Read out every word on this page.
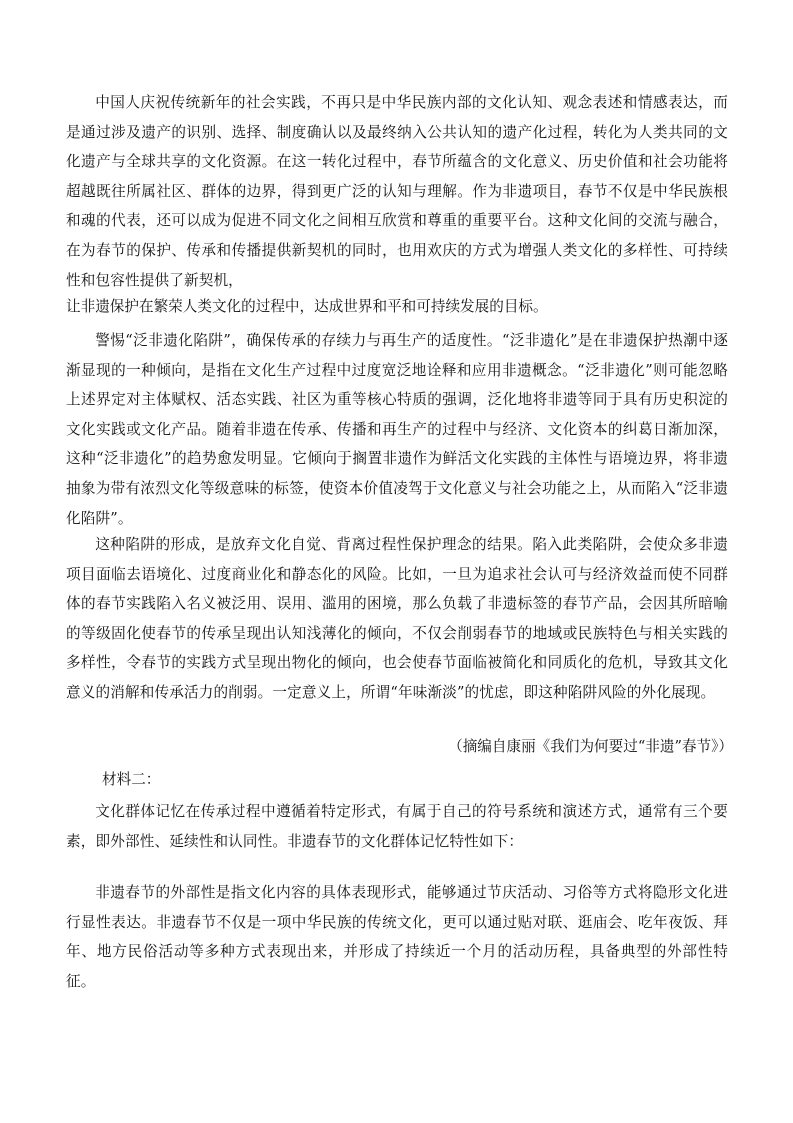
中国人庆祝传统新年的社会实践，不再只是中华民族内部的文化认知、观念表述和情感表达，而是通过涉及遗产的识别、选择、制度确认以及最终纳入公共认知的遗产化过程，转化为人类共同的文化遗产与全球共享的文化资源。在这一转化过程中，春节所蕴含的文化意义、历史价值和社会功能将超越既往所属社区、群体的边界，得到更广泛的认知与理解。作为非遗项目，春节不仅是中华民族根和魂的代表，还可以成为促进不同文化之间相互欣赏和尊重的重要平台。这种文化间的交流与融合，在为春节的保护、传承和传播提供新契机的同时，也用欢庆的方式为增强人类文化的多样性、可持续性和包容性提供了新契机，

让非遗保护在繁荣人类文化的过程中，达成世界和平和可持续发展的目标。

警惕“泛非遗化陷阱”，确保传承的存续力与再生产的适度性。“泛非遗化”是在非遗保护热潮中逐渐显现的一种倾向，是指在文化生产过程中过度宽泛地诠释和应用非遗概念。“泛非遗化”则可能忽略上述界定对主体赋权、活态实践、社区为重等核心特质的强调，泛化地将非遗等同于具有历史积淀的文化实践或文化产品。随着非遗在传承、传播和再生产的过程中与经济、文化资本的纠葛日渐加深，这种“泛非遗化”的趋势愈发明显。它倾向于搁置非遗作为鲜活文化实践的主体性与语境边界，将非遗抽象为带有浓烈文化等级意味的标签，使资本价值凌驾于文化意义与社会功能之上，从而陷入“泛非遗化陷阱”。

这种陷阱的形成，是放弃文化自觉、背离过程性保护理念的结果。陷入此类陷阱，会使众多非遗项目面临去语境化、过度商业化和静态化的风险。比如，一旦为追求社会认可与经济效益而使不同群体的春节实践陷入名义被泛用、误用、滥用的困境，那么负载了非遗标签的春节产品，会因其所暗喻的等级固化使春节的传承呈现出认知浅薄化的倾向，不仅会削弱春节的地域或民族特色与相关实践的多样性，令春节的实践方式呈现出物化的倾向，也会使春节面临被简化和同质化的危机，导致其文化意义的消解和传承活力的削弱。一定意义上，所谓“年味渐淡”的忧虑，即这种陷阱风险的外化展现。

（摘编自康丽《我们为何要过“非遗”春节》）

材料二：

文化群体记忆在传承过程中遵循着特定形式，有属于自己的符号系统和演述方式，通常有三个要素，即外部性、延续性和认同性。非遗春节的文化群体记忆特性如下：

非遗春节的外部性是指文化内容的具体表现形式，能够通过节庆活动、习俗等方式将隐形文化进行显性表达。非遗春节不仅是一项中华民族的传统文化，更可以通过贴对联、逛庙会、吃年夜饭、拜年、地方民俗活动等多种方式表现出来，并形成了持续近一个月的活动历程，具备典型的外部性特征。
